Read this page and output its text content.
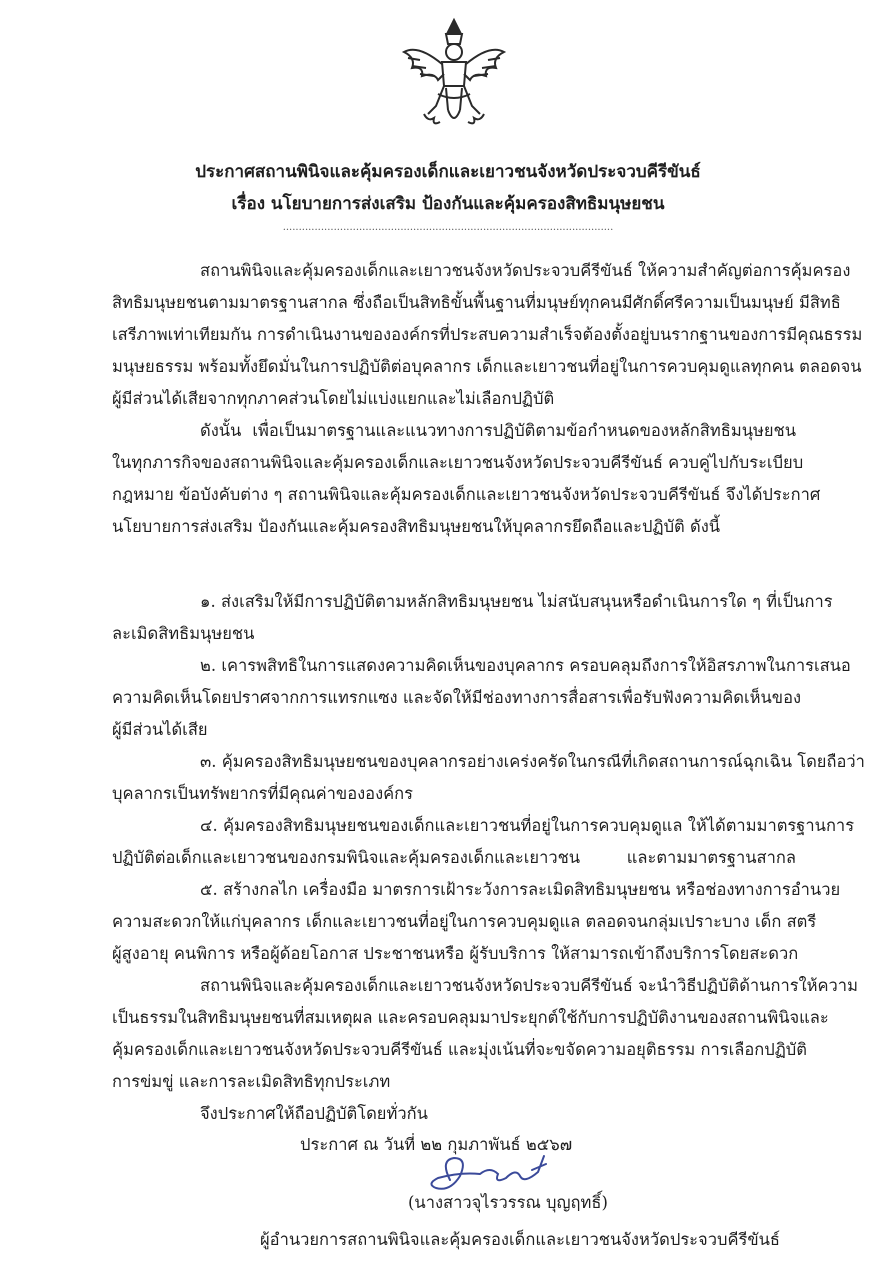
ประกาศสถานพินิจและคุ้มครองเด็กและเยาวชนจังหวัดประจวบคีรีขันธ์
เรื่อง นโยบายการส่งเสริม ป้องกันและคุ้มครองสิทธิมนุษยชน
........................................................................................................
สถานพินิจและคุ้มครองเด็กและเยาวชนจังหวัดประจวบคีรีขันธ์ ให้ความสำคัญต่อการคุ้มครอง
สิทธิมนุษยชนตามมาตรฐานสากล ซึ่งถือเป็นสิทธิขั้นพื้นฐานที่มนุษย์ทุกคนมีศักดิ์ศรีความเป็นมนุษย์ มีสิทธิ
เสรีภาพเท่าเทียมกัน การดำเนินงานขององค์กรที่ประสบความสำเร็จต้องตั้งอยู่บนรากฐานของการมีคุณธรรม
มนุษยธรรม พร้อมทั้งยึดมั่นในการปฏิบัติต่อบุคลากร เด็กและเยาวชนที่อยู่ในการควบคุมดูแลทุกคน ตลอดจน
ผู้มีส่วนได้เสียจากทุกภาคส่วนโดยไม่แบ่งแยกและไม่เลือกปฏิบัติ
ดังนั้น เพื่อเป็นมาตรฐานและแนวทางการปฏิบัติตามข้อกำหนดของหลักสิทธิมนุษยชน
ในทุกภารกิจของสถานพินิจและคุ้มครองเด็กและเยาวชนจังหวัดประจวบคีรีขันธ์ ควบคู่ไปกับระเบียบ
กฎหมาย ข้อบังคับต่าง ๆ สถานพินิจและคุ้มครองเด็กและเยาวชนจังหวัดประจวบคีรีขันธ์ จึงได้ประกาศ
นโยบายการส่งเสริม ป้องกันและคุ้มครองสิทธิมนุษยชนให้บุคลากรยึดถือและปฏิบัติ ดังนี้
๑. ส่งเสริมให้มีการปฏิบัติตามหลักสิทธิมนุษยชน ไม่สนับสนุนหรือดำเนินการใด ๆ ที่เป็นการ
ละเมิดสิทธิมนุษยชน
๒. เคารพสิทธิในการแสดงความคิดเห็นของบุคลากร ครอบคลุมถึงการให้อิสรภาพในการเสนอ
ความคิดเห็นโดยปราศจากการแทรกแซง และจัดให้มีช่องทางการสื่อสารเพื่อรับฟังความคิดเห็นของ
ผู้มีส่วนได้เสีย
๓. คุ้มครองสิทธิมนุษยชนของบุคลากรอย่างเคร่งครัดในกรณีที่เกิดสถานการณ์ฉุกเฉิน โดยถือว่า
บุคลากรเป็นทรัพยากรที่มีคุณค่าขององค์กร
๔. คุ้มครองสิทธิมนุษยชนของเด็กและเยาวชนที่อยู่ในการควบคุมดูแล ให้ได้ตามมาตรฐานการ
ปฏิบัติต่อเด็กและเยาวชนของกรมพินิจและคุ้มครองเด็กและเยาวชน และตามมาตรฐานสากล
๕. สร้างกลไก เครื่องมือ มาตรการเฝ้าระวังการละเมิดสิทธิมนุษยชน หรือช่องทางการอำนวย
ความสะดวกให้แก่บุคลากร เด็กและเยาวชนที่อยู่ในการควบคุมดูแล ตลอดจนกลุ่มเปราะบาง เด็ก สตรี
ผู้สูงอายุ คนพิการ หรือผู้ด้อยโอกาส ประชาชนหรือ ผู้รับบริการ ให้สามารถเข้าถึงบริการโดยสะดวก
สถานพินิจและคุ้มครองเด็กและเยาวชนจังหวัดประจวบคีรีขันธ์ จะนำวิธีปฏิบัติด้านการให้ความ
เป็นธรรมในสิทธิมนุษยชนที่สมเหตุผล และครอบคลุมมาประยุกต์ใช้กับการปฏิบัติงานของสถานพินิจและ
คุ้มครองเด็กและเยาวชนจังหวัดประจวบคีรีขันธ์ และมุ่งเน้นที่จะขจัดความอยุติธรรม การเลือกปฏิบัติ
การข่มขู่ และการละเมิดสิทธิทุกประเภท
จึงประกาศให้ถือปฏิบัติโดยทั่วกัน
ประกาศ ณ วันที่ ๒๒ กุมภาพันธ์ ๒๕๖๗
(นางสาวจุไรวรรณ บุญฤทธิ์)
ผู้อำนวยการสถานพินิจและคุ้มครองเด็กและเยาวชนจังหวัดประจวบคีรีขันธ์
